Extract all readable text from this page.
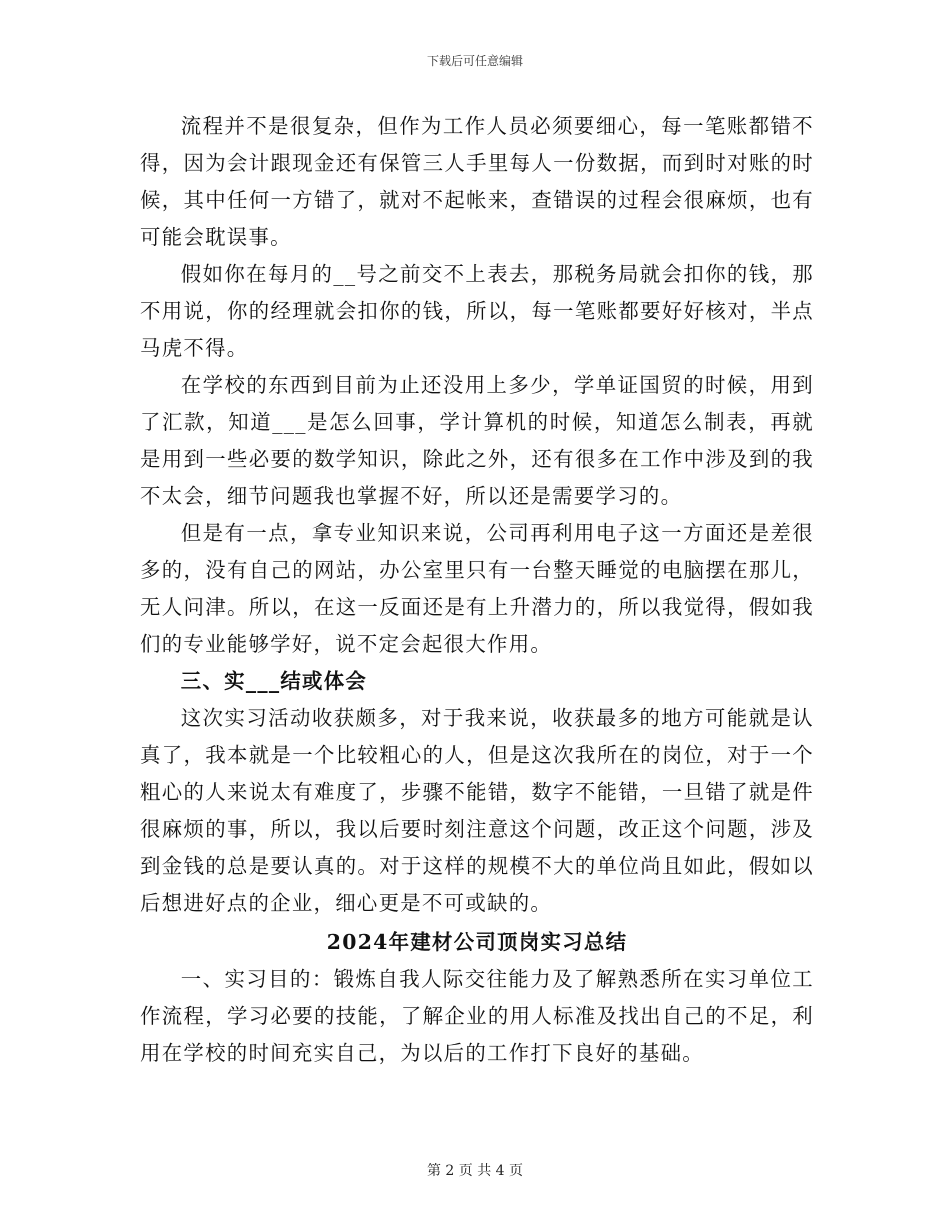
下载后可任意编辑

流程并不是很复杂，但作为工作人员必须要细心，每一笔账都错不得，因为会计跟现金还有保管三人手里每人一份数据，而到时对账的时候，其中任何一方错了，就对不起帐来，查错误的过程会很麻烦，也有可能会耽误事。

假如你在每月的__号之前交不上表去，那税务局就会扣你的钱，那不用说，你的经理就会扣你的钱，所以，每一笔账都要好好核对，半点马虎不得。

在学校的东西到目前为止还没用上多少，学单证国贸的时候，用到了汇款，知道___是怎么回事，学计算机的时候，知道怎么制表，再就是用到一些必要的数学知识，除此之外，还有很多在工作中涉及到的我不太会，细节问题我也掌握不好，所以还是需要学习的。

但是有一点，拿专业知识来说，公司再利用电子这一方面还是差很多的，没有自己的网站，办公室里只有一台整天睡觉的电脑摆在那儿，无人问津。所以，在这一反面还是有上升潜力的，所以我觉得，假如我们的专业能够学好，说不定会起很大作用。

三、实___结或体会

这次实习活动收获颇多，对于我来说，收获最多的地方可能就是认真了，我本就是一个比较粗心的人，但是这次我所在的岗位，对于一个粗心的人来说太有难度了，步骤不能错，数字不能错，一旦错了就是件很麻烦的事，所以，我以后要时刻注意这个问题，改正这个问题，涉及到金钱的总是要认真的。对于这样的规模不大的单位尚且如此，假如以后想进好点的企业，细心更是不可或缺的。

2024年建材公司顶岗实习总结

一、实习目的：锻炼自我人际交往能力及了解熟悉所在实习单位工作流程，学习必要的技能，了解企业的用人标准及找出自己的不足，利用在学校的时间充实自己，为以后的工作打下良好的基础。

第 2 页 共 4 页
